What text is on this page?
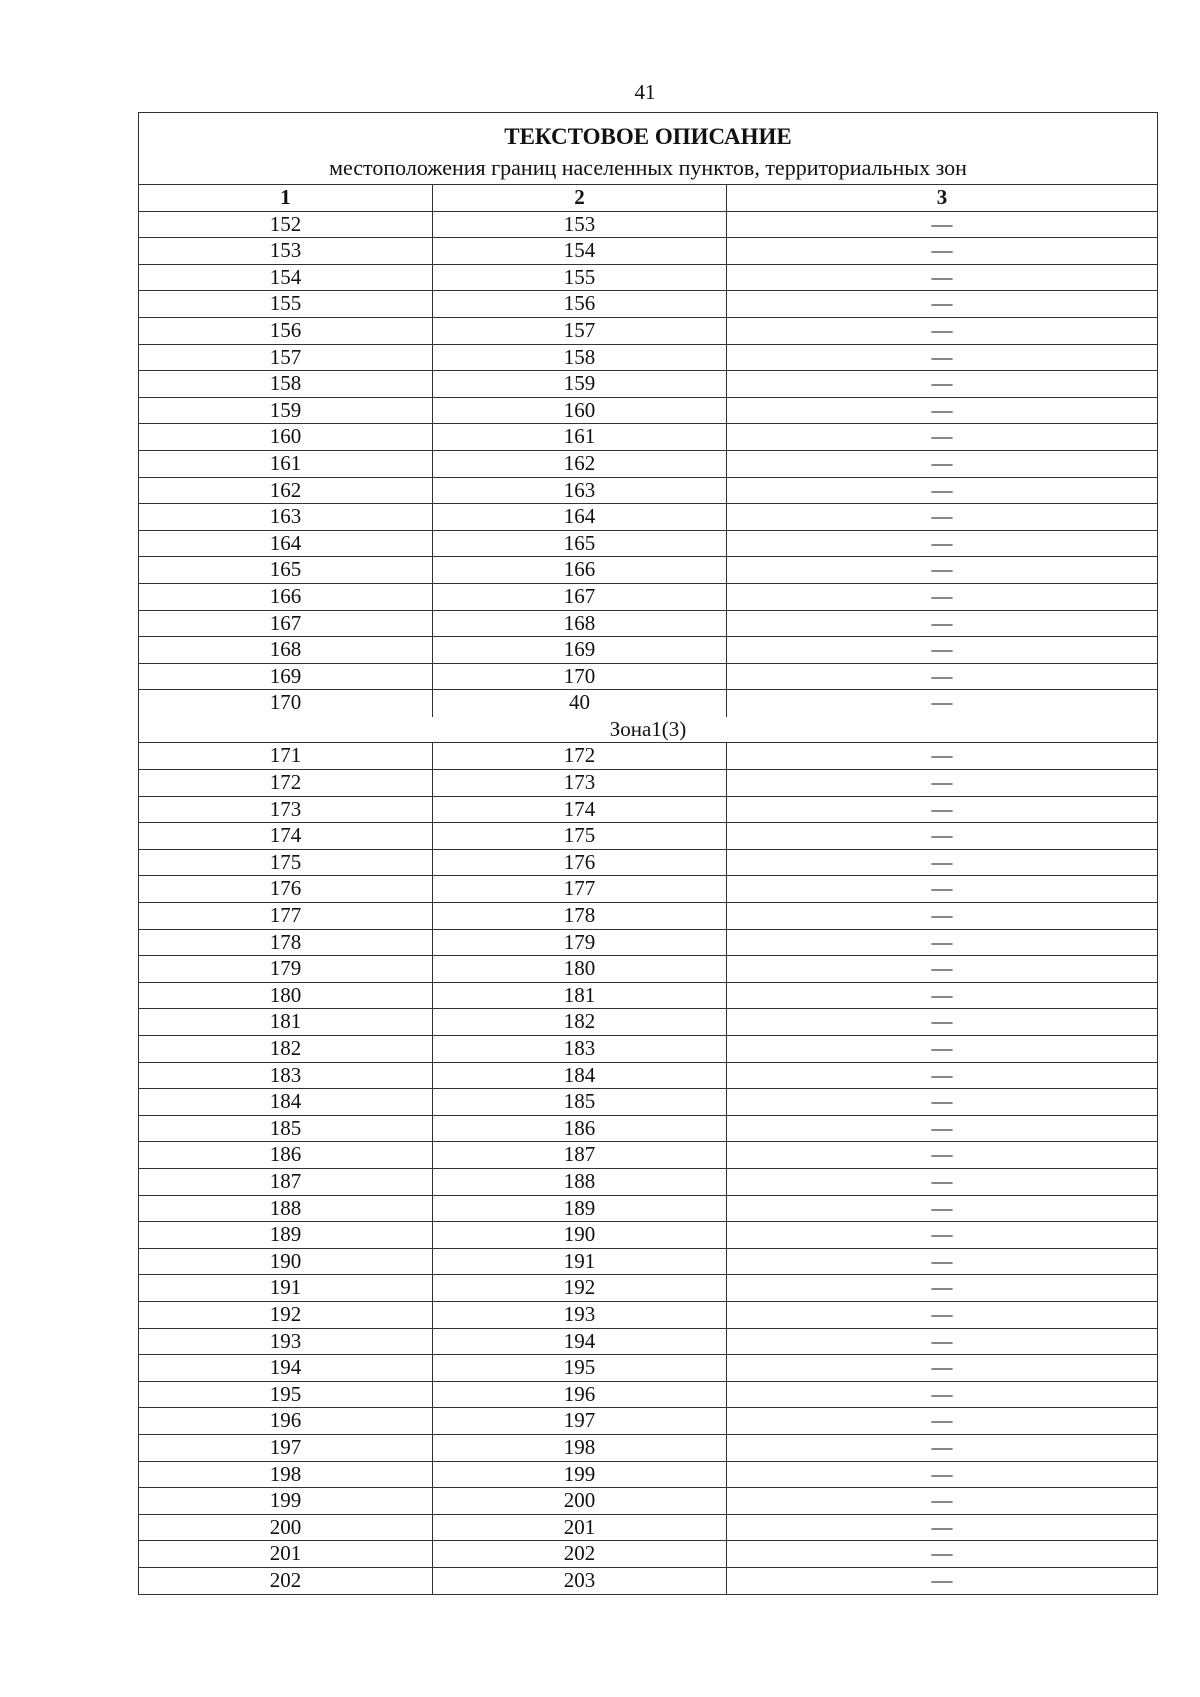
41
ТЕКСТОВОЕ ОПИСАНИЕ
местоположения границ населенных пунктов, территориальных зон
1	2	3
152	153	—
153	154	—
154	155	—
155	156	—
156	157	—
157	158	—
158	159	—
159	160	—
160	161	—
161	162	—
162	163	—
163	164	—
164	165	—
165	166	—
166	167	—
167	168	—
168	169	—
169	170	—
170	40	—
Зона1(3)
171	172	—
172	173	—
173	174	—
174	175	—
175	176	—
176	177	—
177	178	—
178	179	—
179	180	—
180	181	—
181	182	—
182	183	—
183	184	—
184	185	—
185	186	—
186	187	—
187	188	—
188	189	—
189	190	—
190	191	—
191	192	—
192	193	—
193	194	—
194	195	—
195	196	—
196	197	—
197	198	—
198	199	—
199	200	—
200	201	—
201	202	—
202	203	—
